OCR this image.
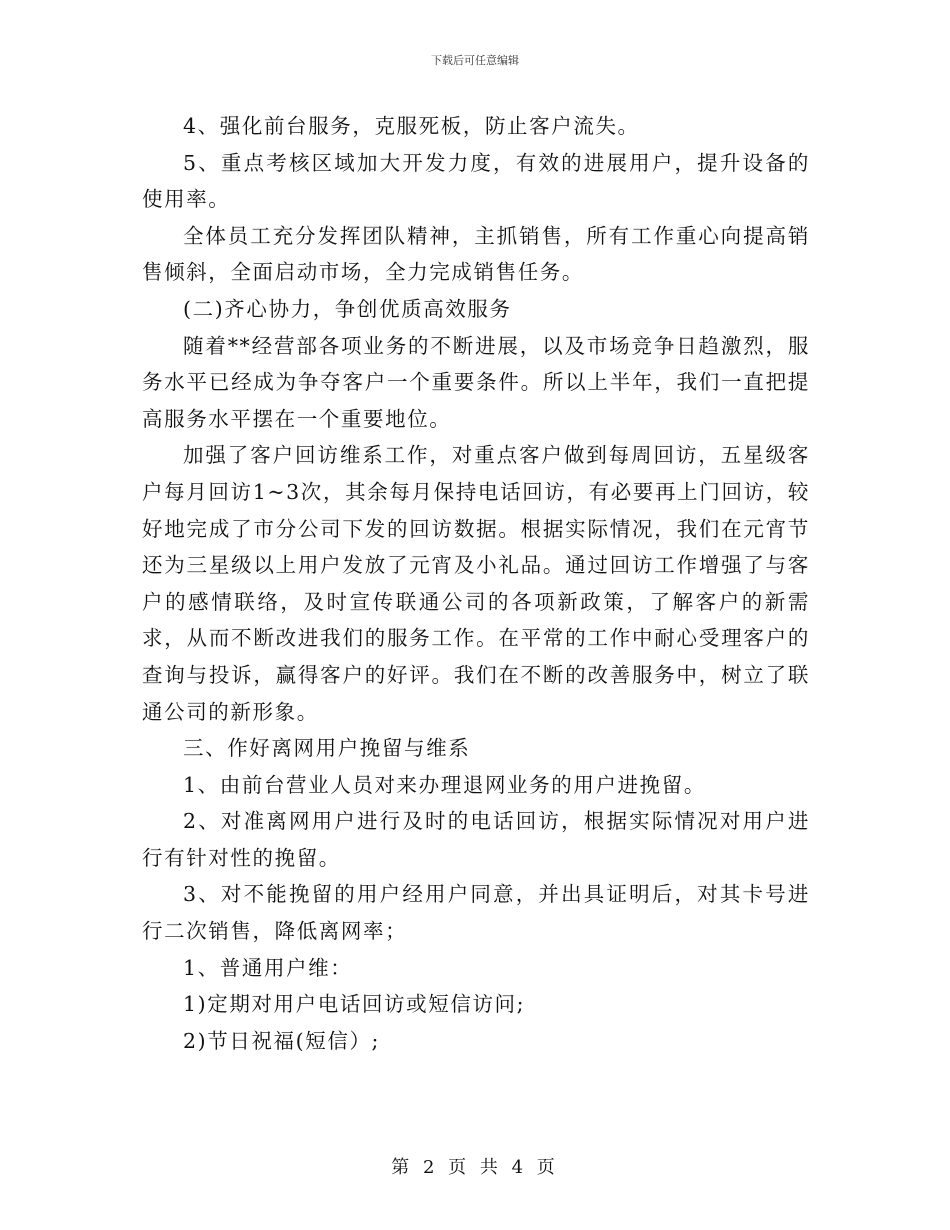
下载后可任意编辑

4、强化前台服务，克服死板，防止客户流失。

5、重点考核区域加大开发力度，有效的进展用户，提升设备的使用率。

全体员工充分发挥团队精神，主抓销售，所有工作重心向提高销售倾斜，全面启动市场，全力完成销售任务。

(二)齐心协力，争创优质高效服务

随着**经营部各项业务的不断进展，以及市场竞争日趋激烈，服务水平已经成为争夺客户一个重要条件。所以上半年，我们一直把提高服务水平摆在一个重要地位。

加强了客户回访维系工作，对重点客户做到每周回访，五星级客户每月回访1~3次，其余每月保持电话回访，有必要再上门回访，较好地完成了市分公司下发的回访数据。根据实际情况，我们在元宵节还为三星级以上用户发放了元宵及小礼品。通过回访工作增强了与客户的感情联络，及时宣传联通公司的各项新政策，了解客户的新需求，从而不断改进我们的服务工作。在平常的工作中耐心受理客户的查询与投诉，赢得客户的好评。我们在不断的改善服务中，树立了联通公司的新形象。

三、作好离网用户挽留与维系

1、由前台营业人员对来办理退网业务的用户进挽留。

2、对准离网用户进行及时的电话回访，根据实际情况对用户进行有针对性的挽留。

3、对不能挽留的用户经用户同意，并出具证明后，对其卡号进行二次销售，降低离网率；

1、普通用户维：

1)定期对用户电话回访或短信访问;

2)节日祝福(短信）;

第 2 页 共 4 页
